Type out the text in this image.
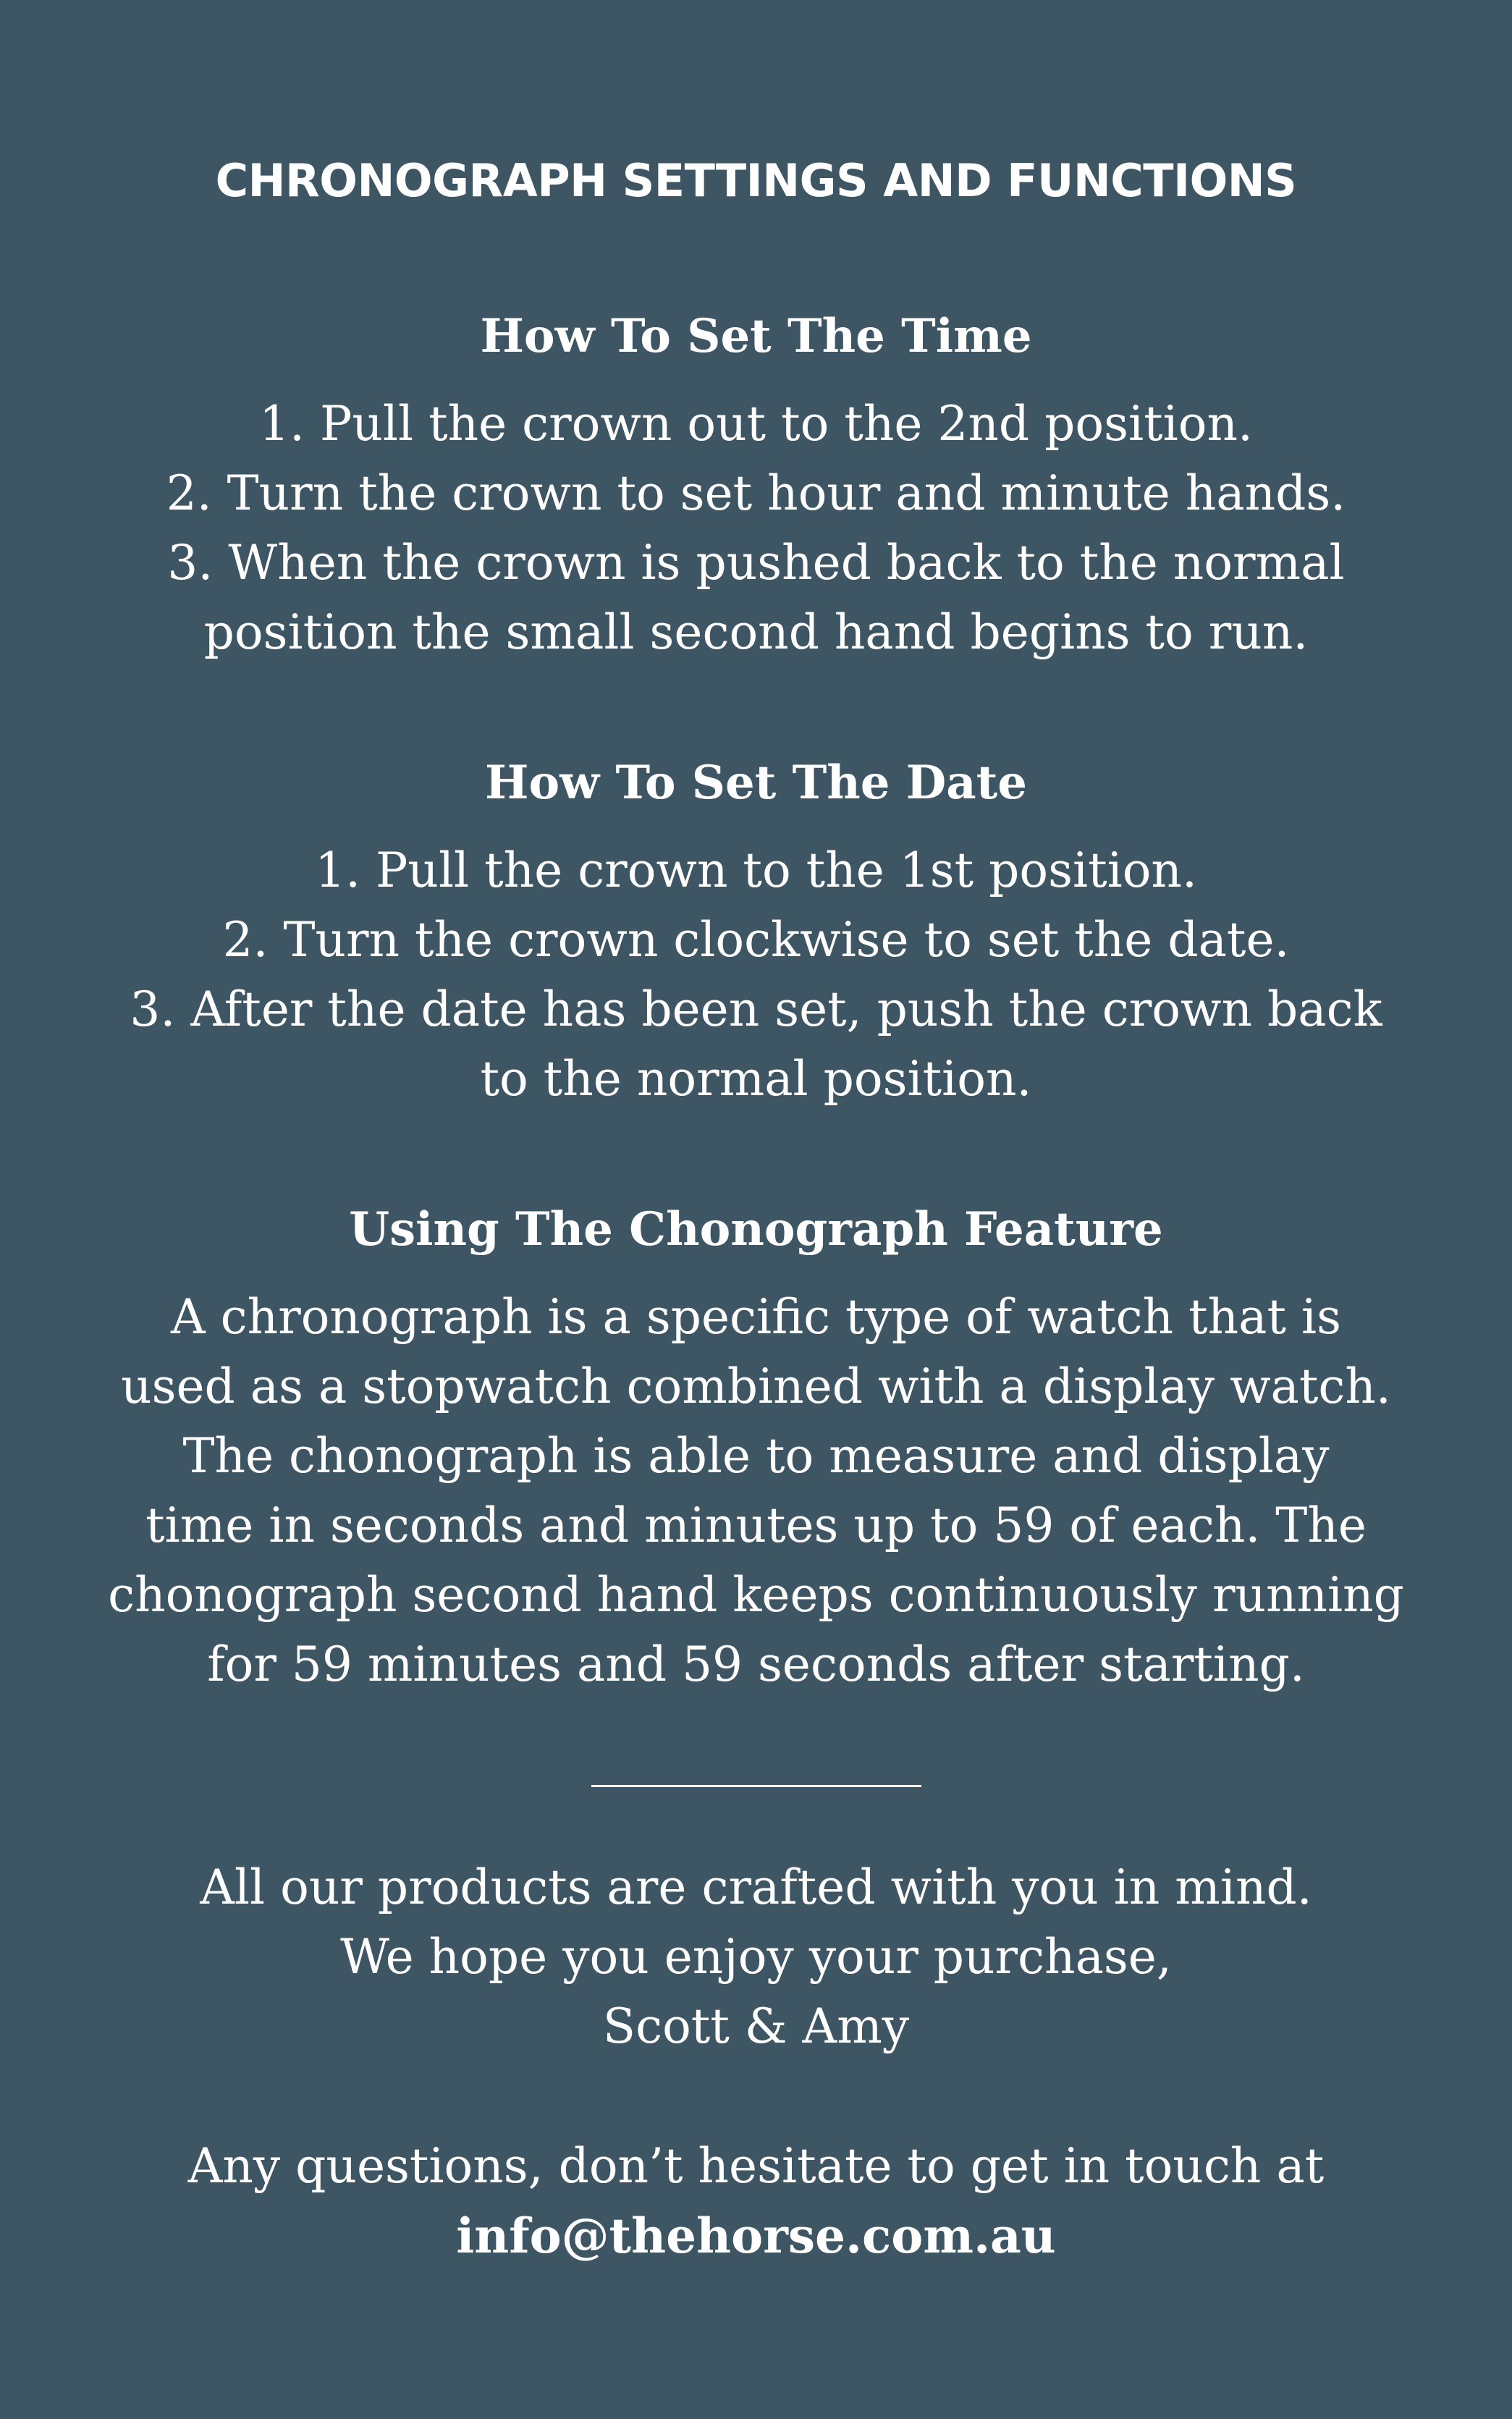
CHRONOGRAPH SETTINGS AND FUNCTIONS
How To Set The Time
1. Pull the crown out to the 2nd position.
2. Turn the crown to set hour and minute hands.
3. When the crown is pushed back to the normal
position the small second hand begins to run.
How To Set The Date
1. Pull the crown to the 1st position.
2. Turn the crown clockwise to set the date.
3. After the date has been set, push the crown back
to the normal position.
Using The Chonograph Feature
A chronograph is a specific type of watch that is
used as a stopwatch combined with a display watch.
The chonograph is able to measure and display
time in seconds and minutes up to 59 of each. The
chonograph second hand keeps continuously running
for 59 minutes and 59 seconds after starting.
All our products are crafted with you in mind.
We hope you enjoy your purchase,
Scott & Amy
Any questions, don’t hesitate to get in touch at
info@thehorse.com.au
